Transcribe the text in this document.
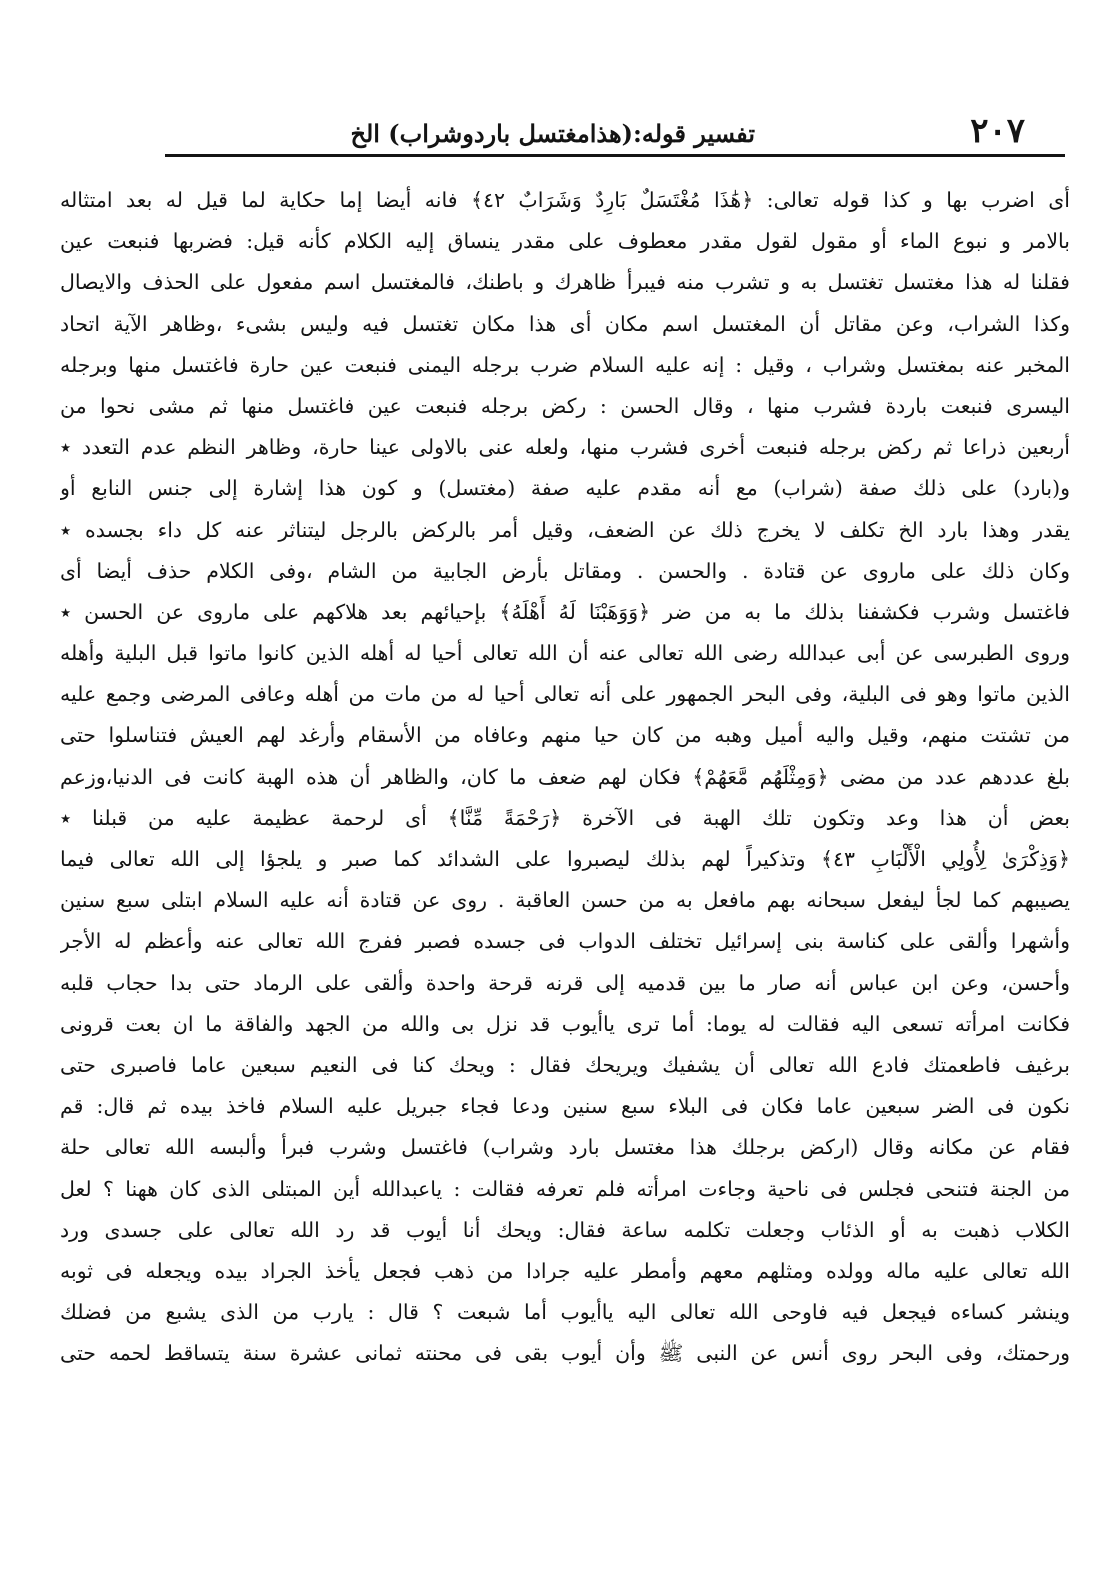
٢٠٧
تفسير قوله:(هذامغتسل باردوشراب) الخ
أى اضرب بها و كذا قوله تعالى: ﴿هَٰذَا مُغْتَسَلٌ بَارِدٌ وَشَرَابٌ ٤٢﴾ فانه أيضا إما حكاية لما قيل له بعد امتثاله
بالامر و نبوع الماء أو مقول لقول مقدر معطوف على مقدر ينساق إليه الكلام كأنه قيل: فضربها فنبعت عين
فقلنا له هذا مغتسل تغتسل به و تشرب منه فيبرأ ظاهرك و باطنك، فالمغتسل اسم مفعول على الحذف والايصال
وكذا الشراب، وعن مقاتل أن المغتسل اسم مكان أى هذا مكان تغتسل فيه وليس بشىء ،وظاهر الآية اتحاد
المخبر عنه بمغتسل وشراب ، وقيل : إنه عليه السلام ضرب برجله اليمنى فنبعت عين حارة فاغتسل منها وبرجله
اليسرى فنبعت باردة فشرب منها ، وقال الحسن : ركض برجله فنبعت عين فاغتسل منها ثم مشى نحوا من
أربعين ذراعا ثم ركض برجله فنبعت أخرى فشرب منها، ولعله عنى بالاولى عينا حارة، وظاهر النظم عدم التعدد ٭
و(بارد) على ذلك صفة (شراب) مع أنه مقدم عليه صفة (مغتسل) و كون هذا إشارة إلى جنس النابع أو
يقدر وهذا بارد الخ تكلف لا يخرج ذلك عن الضعف، وقيل أمر بالركض بالرجل ليتناثر عنه كل داء بجسده ٭
وكان ذلك على ماروى عن قتادة . والحسن . ومقاتل بأرض الجابية من الشام ،وفى الكلام حذف أيضا أى
فاغتسل وشرب فكشفنا بذلك ما به من ضر ﴿وَوَهَبْنَا لَهُ أَهْلَهُ﴾ بإحيائهم بعد هلاكهم على ماروى عن الحسن ٭
وروى الطبرسى عن أبى عبدالله رضى الله تعالى عنه أن الله تعالى أحيا له أهله الذين كانوا ماتوا قبل البلية وأهله
الذين ماتوا وهو فى البلية، وفى البحر الجمهور على أنه تعالى أحيا له من مات من أهله وعافى المرضى وجمع عليه
من تشتت منهم، وقيل واليه أميل وهبه من كان حيا منهم وعافاه من الأسقام وأرغد لهم العيش فتناسلوا حتى
بلغ عددهم عدد من مضى ﴿وَمِثْلَهُم مَّعَهُمْ﴾ فكان لهم ضعف ما كان، والظاهر أن هذه الهبة كانت فى الدنيا،وزعم
بعض أن هذا وعد وتكون تلك الهبة فى الآخرة ﴿رَحْمَةً مِّنَّا﴾ أى لرحمة عظيمة عليه من قبلنا ٭
﴿وَذِكْرَىٰ لِأُولِي الْأَلْبَابِ ٤٣﴾ وتذكيراً لهم بذلك ليصبروا على الشدائد كما صبر و يلجؤا إلى الله تعالى فيما
يصيبهم كما لجأ ليفعل سبحانه بهم مافعل به من حسن العاقبة . روى عن قتادة أنه عليه السلام ابتلى سبع سنين
وأشهرا وألقى على كناسة بنى إسرائيل تختلف الدواب فى جسده فصبر ففرج الله تعالى عنه وأعظم له الأجر
وأحسن، وعن ابن عباس أنه صار ما بين قدميه إلى قرنه قرحة واحدة وألقى على الرماد حتى بدا حجاب قلبه
فكانت امرأته تسعى اليه فقالت له يوما: أما ترى ياأيوب قد نزل بى والله من الجهد والفاقة ما ان بعت قرونى
برغيف فاطعمتك فادع الله تعالى أن يشفيك ويريحك فقال : ويحك كنا فى النعيم سبعين عاما فاصبرى حتى
نكون فى الضر سبعين عاما فكان فى البلاء سبع سنين ودعا فجاء جبريل عليه السلام فاخذ بيده ثم قال: قم
فقام عن مكانه وقال (اركض برجلك هذا مغتسل بارد وشراب) فاغتسل وشرب فبرأ وألبسه الله تعالى حلة
من الجنة فتنحى فجلس فى ناحية وجاءت امرأته فلم تعرفه فقالت : ياعبدالله أين المبتلى الذى كان ههنا ؟ لعل
الكلاب ذهبت به أو الذئاب وجعلت تكلمه ساعة فقال: ويحك أنا أيوب قد رد الله تعالى على جسدى ورد
الله تعالى عليه ماله وولده ومثلهم معهم وأمطر عليه جرادا من ذهب فجعل يأخذ الجراد بيده ويجعله فى ثوبه
وينشر كساءه فيجعل فيه فاوحى الله تعالى اليه ياأيوب أما شبعت ؟ قال : يارب من الذى يشبع من فضلك
ورحمتك، وفى البحر روى أنس عن النبى ﷺ وأن أيوب بقى فى محنته ثمانى عشرة سنة يتساقط لحمه حتى
